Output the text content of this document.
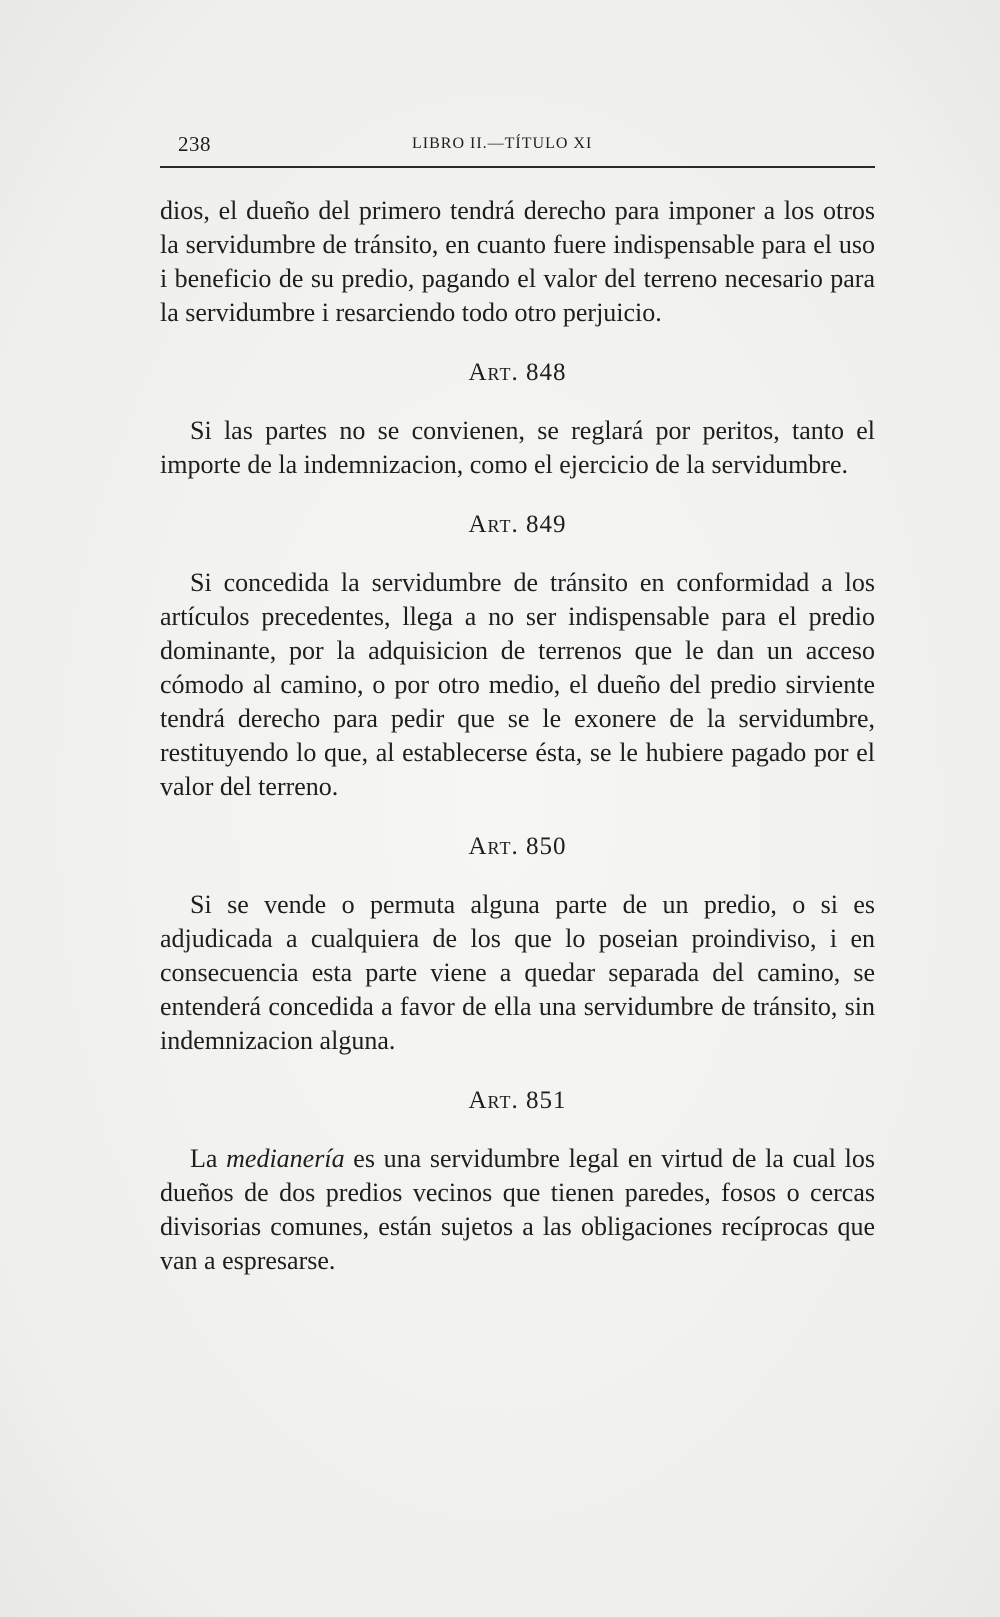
238	LIBRO II.—TÍTULO XI

dios, el dueño del primero tendrá derecho para imponer a los otros la servidumbre de tránsito, en cuanto fuere indispensable para el uso i beneficio de su predio, pagando el valor del terreno necesario para la servidumbre i resarciendo todo otro perjuicio.

Art. 848

Si las partes no se convienen, se reglará por peritos, tanto el importe de la indemnizacion, como el ejercicio de la servidumbre.

Art. 849

Si concedida la servidumbre de tránsito en conformidad a los artículos precedentes, llega a no ser indispensable para el predio dominante, por la adquisicion de terrenos que le dan un acceso cómodo al camino, o por otro medio, el dueño del predio sirviente tendrá derecho para pedir que se le exonere de la servidumbre, restituyendo lo que, al establecerse ésta, se le hubiere pagado por el valor del terreno.

Art. 850

Si se vende o permuta alguna parte de un predio, o si es adjudicada a cualquiera de los que lo poseian proindiviso, i en consecuencia esta parte viene a quedar separada del camino, se entenderá concedida a favor de ella una servidumbre de tránsito, sin indemnizacion alguna.

Art. 851

La medianería es una servidumbre legal en virtud de la cual los dueños de dos predios vecinos que tienen paredes, fosos o cercas divisorias comunes, están sujetos a las obligaciones recíprocas que van a espresarse.
